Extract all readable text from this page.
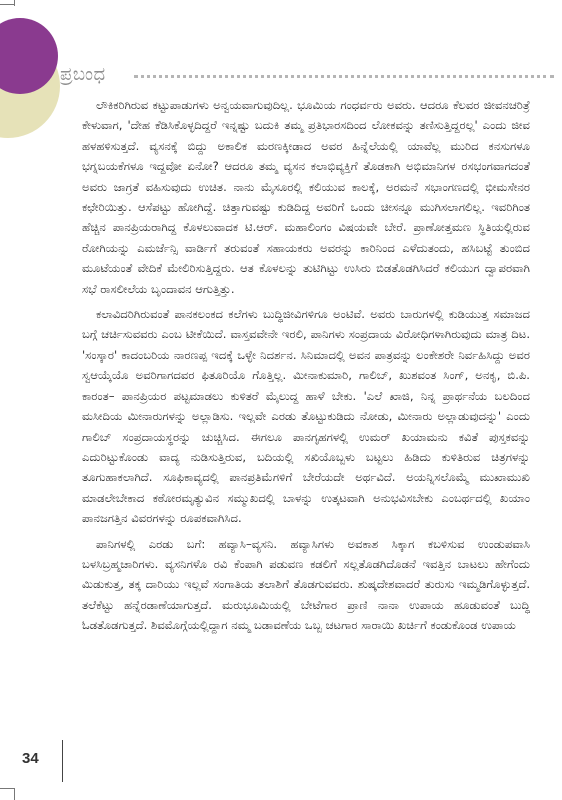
ಪ್ರಬಂಧ

ಲೌಕಿಕರಿಗಿರುವ ಕಟ್ಟುಪಾಡುಗಳು ಅನ್ವಯವಾಗುವುದಿಲ್ಲ. ಭೂಮಿಯ ಗಂಧರ್ವರು ಅವರು. ಆದರೂ ಕೆಲವರ ಜೀವನಚರಿತ್ರೆ ಕೇಳುವಾಗ, 'ದೇಹ ಕೆಡಿಸಿಕೊಳ್ಳದಿದ್ದರೆ ಇನ್ನಷ್ಟು ಬದುಕಿ ತಮ್ಮ ಪ್ರತಿಭಾರಸದಿಂದ ಲೋಕವನ್ನು ತಣಿಸುತ್ತಿದ್ದರಲ್ಲ' ಎಂದು ಜೀವ ಹಳಹಳಿಸುತ್ತದೆ. ವ್ಯಸನಕ್ಕೆ ಬಿದ್ದು ಅಕಾಲಿಕ ಮರಣಕ್ಕೀಡಾದ ಅವರ ಹಿನ್ನೆಲೆಯಲ್ಲಿ ಯಾವೆಲ್ಲ ಮುರಿದ ಕನಸುಗಳೂ ಭಗ್ನಬಯಕೆಗಳೂ ಇದ್ದವೋ ಏನೋ? ಆದರೂ ತಮ್ಮ ವ್ಯಸನ ಕಲಾಭಿವ್ಯಕ್ತಿಗೆ ತೊಡಕಾಗಿ ಅಭಿಮಾನಿಗಳ ರಸಭಂಗವಾಗದಂತೆ ಅವರು ಜಾಗ್ರತೆ ವಹಿಸುವುದು ಉಚಿತ. ನಾನು ಮೈಸೂರಲ್ಲಿ ಕಲಿಯುವ ಕಾಲಕ್ಕೆ, ಅರಮನೆ ಸಭಾಂಗಣದಲ್ಲಿ ಭೀಮಸೇನರ ಕಛೇರಿಯಿತ್ತು. ಆಸೆಪಟ್ಟು ಹೋಗಿದ್ದೆ. ಚಿತ್ತಾಗುವಷ್ಟು ಕುಡಿದಿದ್ದ ಅವರಿಗೆ ಒಂದು ಚೀಸನ್ನೂ ಮುಗಿಸಲಾಗಲಿಲ್ಲ. ಇವರಿಗಿಂತ ಹೆಚ್ಚಿನ ಪಾನಪ್ರಿಯರಾಗಿದ್ದ ಕೊಳಲುವಾದಕ ಟಿ.ಆರ್. ಮಹಾಲಿಂಗಂ ವಿಷಯವೇ ಬೇರೆ. ಪ್ರಾಣೋತ್ತಮಣ ಸ್ಥಿತಿಯಲ್ಲಿರುವ ರೋಗಿಯನ್ನು ಎಮರ್ಜೆನ್ಸಿ ವಾರ್ಡಿಗೆ ತರುವಂತೆ ಸಹಾಯಕರು ಅವರನ್ನು ಕಾರಿನಿಂದ ಎಳೆದುತಂದು, ಹಸಿಬಟ್ಟೆ ತುಂಬಿದ ಮೂಟೆಯಂತೆ ವೇದಿಕೆ ಮೇಲಿರಿಸುತ್ತಿದ್ದರು. ಆತ ಕೊಳಲನ್ನು ತುಟಿಗಿಟ್ಟು ಉಸಿರು ಬಿಡತೊಡಗಿಸಿದರೆ ಕಲಿಯುಗ ದ್ವಾಪರವಾಗಿ ಸಭೆ ರಾಸಲೀಲೆಯ ಬೃಂದಾವನ ಆಗುತ್ತಿತ್ತು.

ಕಲಾವಿದರಿಗಿರುವಂತೆ ಪಾನಕಲಂಕದ ಕಲೆಗಳು ಬುದ್ಧಿಜೀವಿಗಳಿಗೂ ಅಂಟಿವೆ. ಅವರು ಬಾರುಗಳಲ್ಲಿ ಕುಡಿಯುತ್ತ ಸಮಾಜದ ಬಗ್ಗೆ ಚರ್ಚಿಸುವವರು ಎಂಬ ಟೀಕೆಯಿದೆ. ವಾಸ್ತವವೇನೇ ಇರಲಿ, ಪಾನಿಗಳು ಸಂಪ್ರದಾಯ ವಿರೋಧಿಗಳಾಗಿರುವುದು ಮಾತ್ರ ದಿಟ. 'ಸಂಸ್ಕಾರ' ಕಾದಂಬರಿಯ ನಾರಣಪ್ಪ ಇದಕ್ಕೆ ಒಳ್ಳೇ ನಿದರ್ಶನ. ಸಿನಿಮಾದಲ್ಲಿ ಅವನ ಪಾತ್ರವನ್ನು ಲಂಕೇಶರೇ ನಿರ್ವಹಿಸಿದ್ದು ಅವರ ಸ್ವಆಯ್ಕೆಯೊ ಅವರಿಗಾಗದವರ ಫಿತೂರಿಯೊ ಗೊತ್ತಿಲ್ಲ. ಮೀನಾಕುಮಾರಿ, ಗಾಲಿಬ್, ಖುಶವಂತ ಸಿಂಗ್, ಅನಕೃ, ಬಿ.ಪಿ. ಕಾರಂತ– ಪಾನಪ್ರಿಯರ ಪಟ್ಟಮಾಡಲು ಕುಳಿತರೆ ಮೈಲುದ್ದ ಹಾಳೆ ಬೇಕು. 'ಎಲೆ ಖಾಜಿ, ನಿನ್ನ ಪ್ರಾರ್ಥನೆಯ ಬಲದಿಂದ ಮಸೀದಿಯ ಮೀನಾರುಗಳನ್ನು ಅಲ್ಲಾಡಿಸು. ಇಲ್ಲವೇ ಎರಡು ತೊಟ್ಟುಕುಡಿದು ನೋಡು, ಮೀನಾರು ಅಲ್ಲಾಡುವುದನ್ನು' ಎಂದು ಗಾಲಿಬ್ ಸಂಪ್ರದಾಯಸ್ಥರನ್ನು ಚುಚ್ಚಿಸಿದ. ಈಗಲೂ ಪಾನಗೃಹಗಳಲ್ಲಿ ಉಮರ್ ಖಯಾಮನು ಕವಿತೆ ಪುಸ್ತಕವನ್ನು ಎದುರಿಟ್ಟುಕೊಂಡು ವಾದ್ಯ ನುಡಿಸುತ್ತಿರುವ, ಬದಿಯಲ್ಲಿ ಸಖಿಯೊಬ್ಬಳು ಬಟ್ಟಲು ಹಿಡಿದು ಕುಳಿತಿರುವ ಚಿತ್ರಗಳನ್ನು ತೂಗುಹಾಕಲಾಗಿದೆ. ಸೂಫಿಕಾವ್ಯದಲ್ಲಿ ಪಾನಪ್ರತಿಮೆಗಳಿಗೆ ಬೇರೆಯದೇ ಅರ್ಥವಿದೆ. ಅಯನ್ನಿಸಲೊಮ್ಮೆ ಮುಖಾಮುಖಿ ಮಾಡಲೇಬೇಕಾದ ಕಠೋರಮೃತ್ಯುವಿನ ಸಮ್ಮುಖದಲ್ಲಿ ಬಾಳನ್ನು ಉತ್ಕಟವಾಗಿ ಅನುಭವಿಸಬೇಕು ಎಂಬರ್ಥದಲ್ಲಿ ಖಯಾಂ ಪಾನಜಗತ್ತಿನ ವಿವರಗಳನ್ನು ರೂಪಕವಾಗಿಸಿದ.

ಪಾನಿಗಳಲ್ಲಿ ಎರಡು ಬಗೆ: ಹವ್ಯಾಸಿ–ವ್ಯಸನಿ. ಹವ್ಯಾಸಿಗಳು ಅವಕಾಶ ಸಿಕ್ಕಾಗ ಕಬಳಿಸುವ ಉಂಡುಪವಾಸಿ ಬಳಸಿಬ್ರಹ್ಮಚಾರಿಗಳು. ವ್ಯಸನಿಗಳೊ ರವಿ ಕೆಂಪಾಗಿ ಪಡುವಣ ಕಡಲಿಗೆ ಸಲ್ಲತೊಡಗಿದೊಡನೆ ಇವತ್ತಿನ ಬಾಟಲು ಹೇಗೆಂದು ಮಿಡುಕುತ್ತ, ತಕ್ಕ ದಾರಿಯು ಇಲ್ಲವೆ ಸಂಗಾತಿಯ ತಲಾಶಿಗೆ ತೊಡಗುವವರು. ಶುಷ್ಕದೇಶವಾದರೆ ತುರುಸು ಇಮ್ಮಡಿಗೊಳ್ಳುತ್ತದೆ. ತಲೆಕೆಟ್ಟು ಹನ್ನೆರಡಾಣೆಯಾಗುತ್ತದೆ. ಮರುಭೂಮಿಯಲ್ಲಿ ಬೇಟೆಗಾರ ಪ್ರಾಣಿ ನಾನಾ ಉಪಾಯ ಹೂಡುವಂತೆ ಬುದ್ಧಿ ಓಡತೊಡಗುತ್ತದೆ. ಶಿವಮೊಗ್ಗೆಯಲ್ಲಿದ್ದಾಗ ನಮ್ಮ ಬಡಾವಣೆಯ ಒಬ್ಬ ಚಟಗಾರ ಸಾರಾಯಿ ಖರ್ಚಿಗೆ ಕಂಡುಕೊಂಡ ಉಪಾಯ

34
